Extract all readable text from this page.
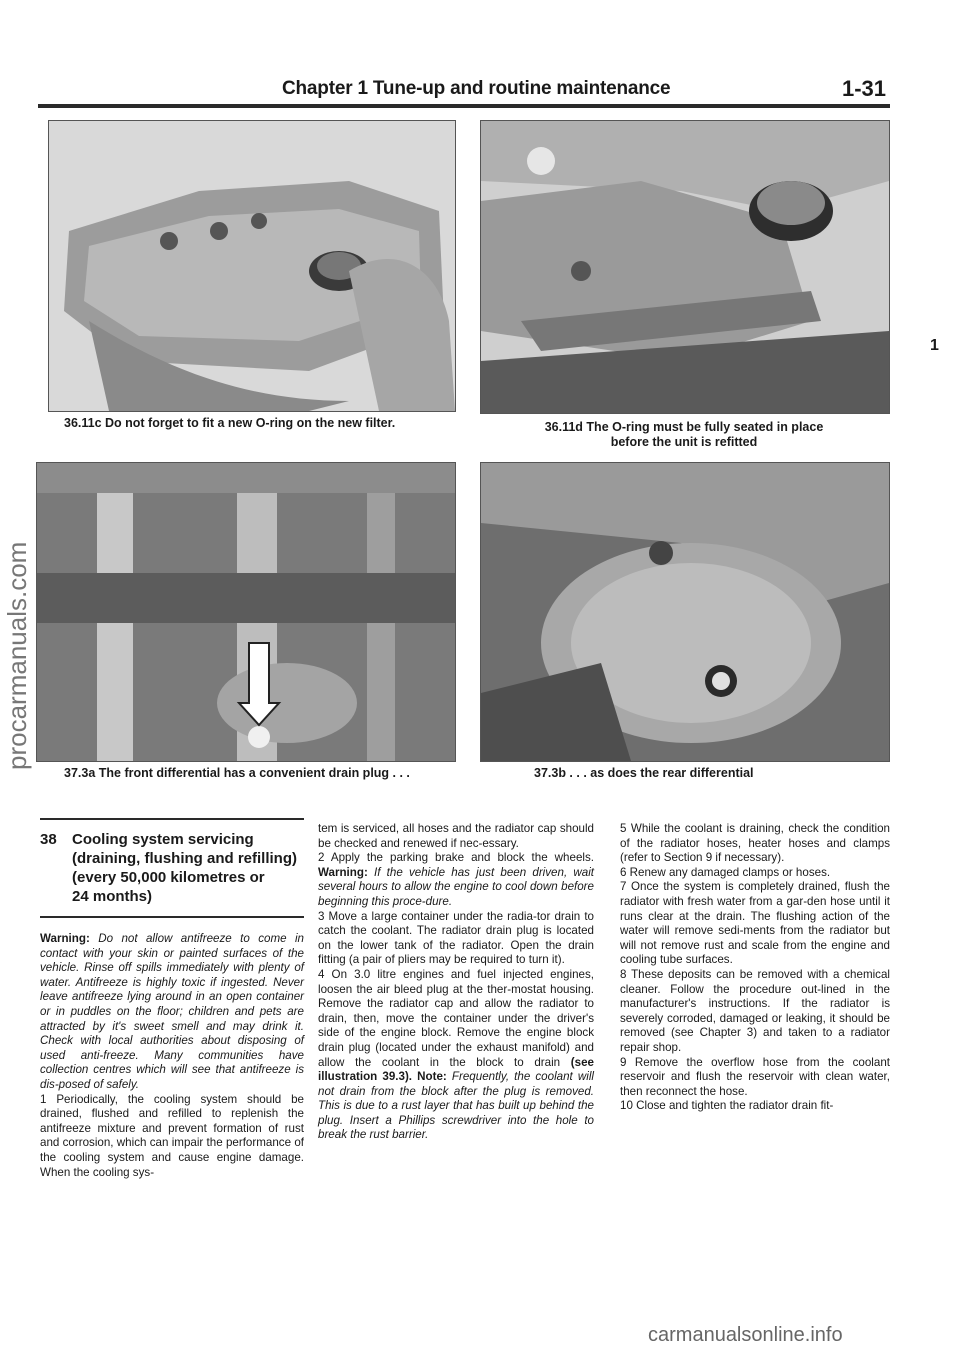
Chapter 1 Tune-up and routine maintenance	1-31
36.11c Do not forget to fit a new O-ring on the new filter.	36.11d The O-ring must be fully seated in place
before the unit is refitted
1
37.3a The front differential has a convenient drain plug . . .	37.3b . . . as does the rear differential
38 Cooling system servicing
(draining, flushing and refilling)
(every 50,000 kilometres or
24 months)

Warning: Do not allow antifreeze to come in contact with your skin or painted surfaces of the vehicle. Rinse off spills immediately with plenty of water. Antifreeze is highly toxic if ingested. Never leave antifreeze lying around in an open container or in puddles on the floor; children and pets are attracted by it's sweet smell and may drink it. Check with local authorities about disposing of used anti-freeze. Many communities have collection centres which will see that antifreeze is dis-posed of safely.

1 Periodically, the cooling system should be drained, flushed and refilled to replenish the antifreeze mixture and prevent formation of rust and corrosion, which can impair the performance of the cooling system and cause engine damage. When the cooling sys-

tem is serviced, all hoses and the radiator cap should be checked and renewed if nec-essary.

2 Apply the parking brake and block the wheels. Warning: If the vehicle has just been driven, wait several hours to allow the engine to cool down before beginning this proce-dure.

3 Move a large container under the radia-tor drain to catch the coolant. The radiator drain plug is located on the lower tank of the radiator. Open the drain fitting (a pair of pliers may be required to turn it).

4 On 3.0 litre engines and fuel injected engines, loosen the air bleed plug at the ther-mostat housing. Remove the radiator cap and allow the radiator to drain, then, move the container under the driver's side of the engine block. Remove the engine block drain plug (located under the exhaust manifold) and allow the coolant in the block to drain (see illustration 39.3). Note: Frequently, the coolant will not drain from the block after the plug is removed. This is due to a rust layer that has built up behind the plug. Insert a Phillips screwdriver into the hole to break the rust barrier.

5 While the coolant is draining, check the condition of the radiator hoses, heater hoses and clamps (refer to Section 9 if necessary).

6 Renew any damaged clamps or hoses.

7 Once the system is completely drained, flush the radiator with fresh water from a gar-den hose until it runs clear at the drain. The flushing action of the water will remove sedi-ments from the radiator but will not remove rust and scale from the engine and cooling tube surfaces.

8 These deposits can be removed with a chemical cleaner. Follow the procedure out-lined in the manufacturer's instructions. If the radiator is severely corroded, damaged or leaking, it should be removed (see Chapter 3) and taken to a radiator repair shop.

9 Remove the overflow hose from the coolant reservoir and flush the reservoir with clean water, then reconnect the hose.

10 Close and tighten the radiator drain fit-

procarmanuals.com
carmanualsonline.info
